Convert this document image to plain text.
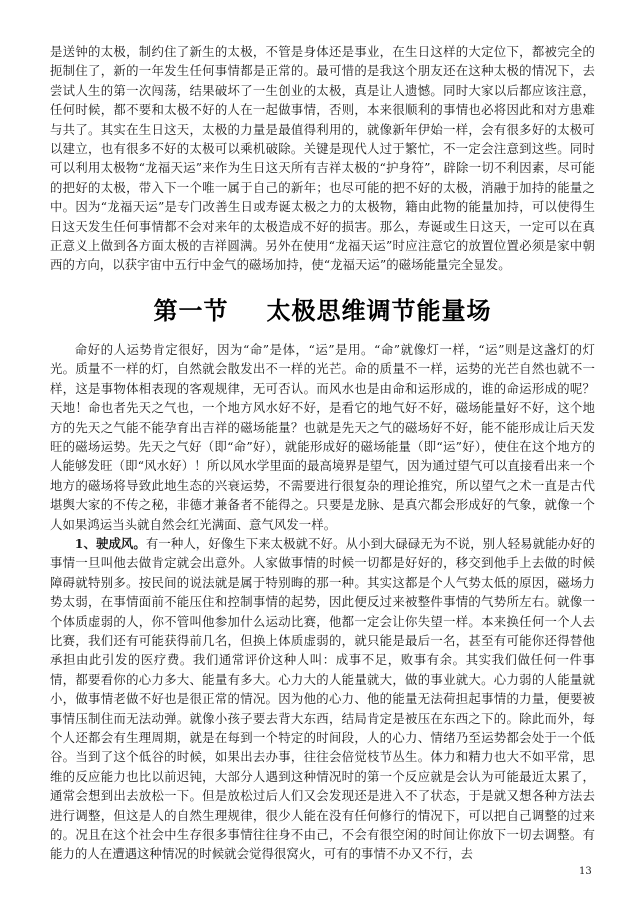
是送钟的太极，制约住了新生的太极，不管是身体还是事业，在生日这样的大定位下，都被完全的扼制住了，新的一年发生任何事情都是正常的。最可惜的是我这个朋友还在这种太极的情况下，去尝试人生的第一次闯荡，结果破坏了一生创业的太极，真是让人遗憾。同时大家以后都应该注意，任何时候，都不要和太极不好的人在一起做事情，否则，本来很顺利的事情也必将因此和对方患难与共了。其实在生日这天，太极的力量是最值得利用的，就像新年伊始一样，会有很多好的太极可以建立，也有很多不好的太极可以乘机破除。关键是现代人过于繁忙，不一定会注意到这些。同时可以利用太极物“龙福天运”来作为生日这天所有吉祥太极的“护身符”，辟除一切不利因素，尽可能的把好的太极，带入下一个唯一属于自己的新年；也尽可能的把不好的太极，消融于加持的能量之中。因为“龙福天运”是专门改善生日或寿诞太极之力的太极物，籍由此物的能量加持，可以使得生日这天发生任何事情都不会对来年的太极造成不好的损害。那么，寿诞或生日这天，一定可以在真正意义上做到各方面太极的吉祥圆满。另外在使用“龙福天运”时应注意它的放置位置必须是家中朝西的方向，以获宇宙中五行中金气的磁场加持，使“龙福天运”的磁场能量完全显发。

第一节 太极思维调节能量场

命好的人运势肯定很好，因为“命”是体，“运”是用。“命”就像灯一样，“运”则是这盏灯的灯光。质量不一样的灯，自然就会散发出不一样的光芒。命的质量不一样，运势的光芒自然也就不一样，这是事物体相表现的客观规律，无可否认。而风水也是由命和运形成的，谁的命运形成的呢？天地！命也者先天之气也，一个地方风水好不好，是看它的地气好不好，磁场能量好不好，这个地方的先天之气能不能孕育出吉祥的磁场能量？也就是先天之气的磁场好不好，能不能形成让后天发旺的磁场运势。先天之气好（即“命”好），就能形成好的磁场能量（即“运”好），使住在这个地方的人能够发旺（即“风水好）！所以风水学里面的最高境界是望气，因为通过望气可以直接看出来一个地方的磁场将导致此地生态的兴衰运势，不需要进行很复杂的理论推究，所以望气之术一直是古代堪舆大家的不传之秘，非德才兼备者不能得之。只要是龙脉、是真穴都会形成好的气象，就像一个人如果鸿运当头就自然会红光满面、意气风发一样。

1、驶成风。有一种人，好像生下来太极就不好。从小到大碌碌无为不说，别人轻易就能办好的事情一旦叫他去做肯定就会出意外。人家做事情的时候一切都是好好的，移交到他手上去做的时候障碍就特别多。按民间的说法就是属于特别晦的那一种。其实这都是个人气势太低的原因，磁场力势太弱，在事情面前不能压住和控制事情的起势，因此便反过来被整件事情的气势所左右。就像一个体质虚弱的人，你不管叫他参加什么运动比赛，他都一定会让你失望一样。本来换任何一个人去比赛，我们还有可能获得前几名，但换上体质虚弱的，就只能是最后一名，甚至有可能你还得替他承担由此引发的医疗费。我们通常评价这种人叫：成事不足，败事有余。其实我们做任何一件事情，都要看你的心力多大、能量有多大。心力大的人能量就大，做的事业就大。心力弱的人能量就小，做事情老做不好也是很正常的情况。因为他的心力、他的能量无法荷担起事情的力量，便要被事情压制住而无法动弹。就像小孩子要去背大东西，结局肯定是被压在东西之下的。除此而外，每个人还都会有生理周期，就是在每到一个特定的时间段，人的心力、情绪乃至运势都会处于一个低谷。当到了这个低谷的时候，如果出去办事，往往会倍觉枝节丛生。体力和精力也大不如平常，思维的反应能力也比以前迟钝，大部分人遇到这种情况时的第一个反应就是会认为可能最近太累了，通常会想到出去放松一下。但是放松过后人们又会发现还是进入不了状态，于是就又想各种方法去进行调整，但这是人的自然生理规律，很少人能在没有任何修行的情况下，可以把自己调整的过来的。况且在这个社会中生存很多事情往往身不由己，不会有很空闲的时间让你放下一切去调整。有能力的人在遭遇这种情况的时候就会觉得很窝火，可有的事情不办又不行，去

13
